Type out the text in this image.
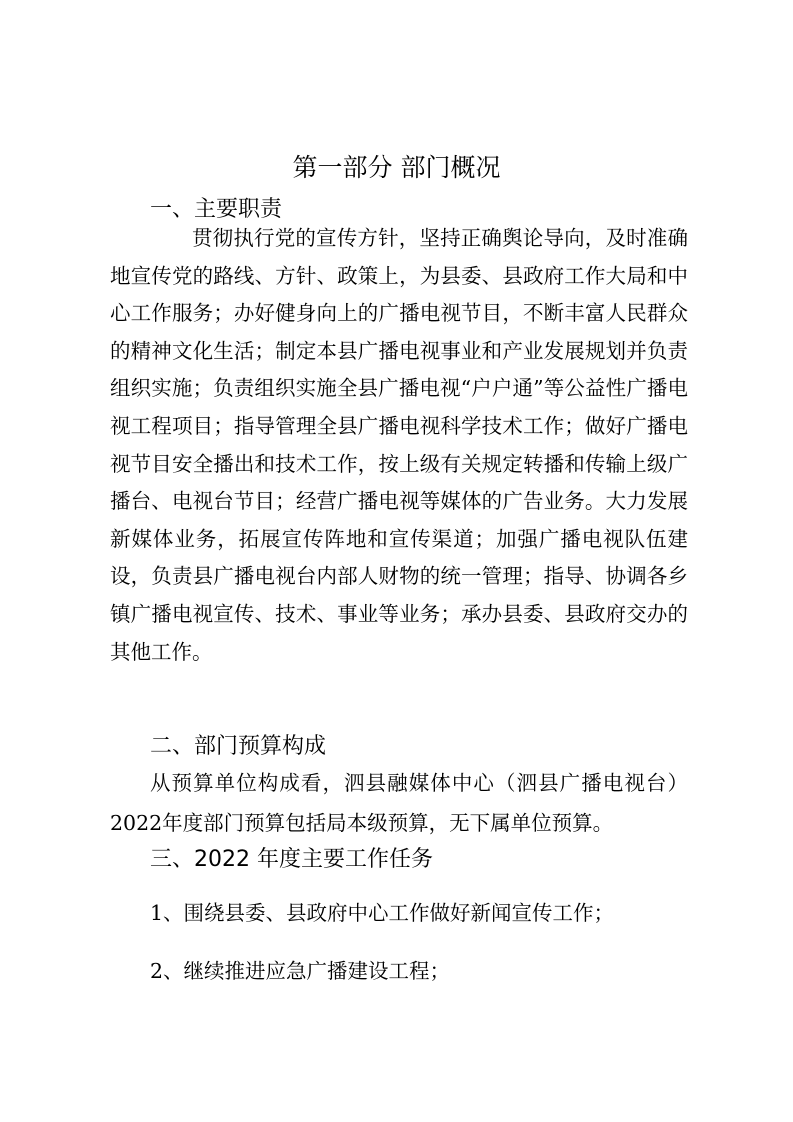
第一部分 部门概况
一、主要职责
贯彻执行党的宣传方针，坚持正确舆论导向，及时准确地宣传党的路线、方针、政策上，为县委、县政府工作大局和中心工作服务；办好健身向上的广播电视节目，不断丰富人民群众的精神文化生活；制定本县广播电视事业和产业发展规划并负责组织实施；负责组织实施全县广播电视“户户通”等公益性广播电视工程项目；指导管理全县广播电视科学技术工作；做好广播电视节目安全播出和技术工作，按上级有关规定转播和传输上级广播台、电视台节目；经营广播电视等媒体的广告业务。大力发展新媒体业务，拓展宣传阵地和宣传渠道；加强广播电视队伍建设，负责县广播电视台内部人财物的统一管理；指导、协调各乡镇广播电视宣传、技术、事业等业务；承办县委、县政府交办的其他工作。
二、部门预算构成
从预算单位构成看，泗县融媒体中心（泗县广播电视台）2022年度部门预算包括局本级预算，无下属单位预算。
三、2022 年度主要工作任务
1、围绕县委、县政府中心工作做好新闻宣传工作；
2、继续推进应急广播建设工程；
